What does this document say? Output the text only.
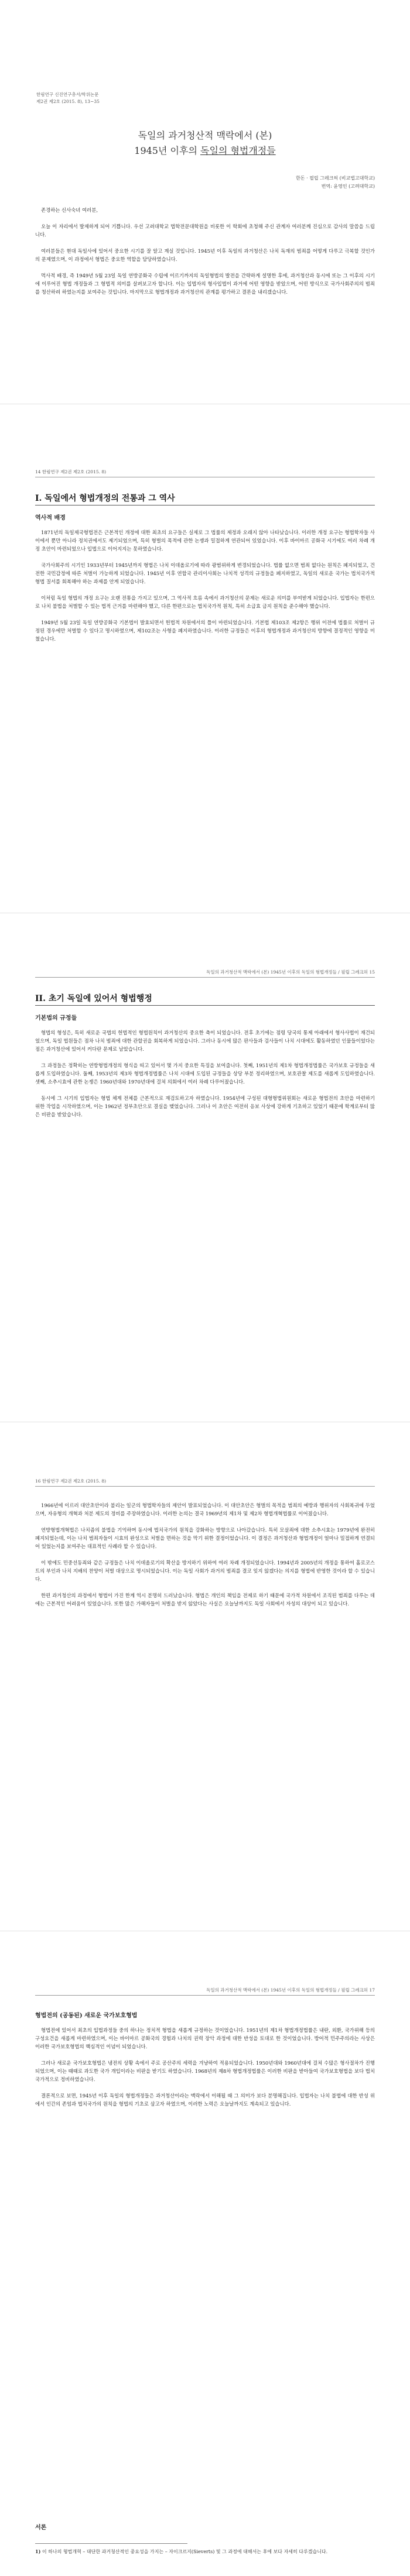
한림연구 신진연구총서/학위논문
제2권 제2호 (2015. 8), 13~35
독일의 과거청산적 맥락에서 (본)
1945년 이후의 독일의 형법개정들
한돈 · 필립 그레크허 (비교법고대학교)
번역: 윤영인 (고려대학교)

존경하는 신사숙녀 여러분,

오늘 이 자리에서 발제하게 되어 기쁩니다. 우선 고려대학교 법학전문대학원을 비롯한 이 학회에 초청해 주신 관계자 여러분께 진심으로 감사의 말씀을 드립니다.

여러분들은 현대 독일사에 있어서 중요한 시기를 잘 알고 계실 것입니다. 1945년 이후 독일의 과거청산은 나치 독재의 범죄를 어떻게 다루고 극복할 것인가의 문제였으며, 이 과정에서 형법은 중요한 역할을 담당하였습니다.

먹사적 배경, 즉 1949년 5월 23일 독일 연방공화국 수립에 이르기까지의 독일형법의 발전을 간략하게 설명한 후에, 과거청산과 동시에 또는 그 이후의 시기에 이루어진 형법 개정들과 그 형법적 의미를 살펴보고자 합니다. 이는 입법자의 형사입법이 과거에 어떤 영향을 받았으며, 어떤 방식으로 국가사회주의의 범죄를 청산하려 하였는지를 보여주는 것입니다. 마지막으로 형법개정과 과거청산의 관계를 평가하고 결론을 내리겠습니다.

14 한림연구 제2권 제2호 (2015. 8)
I. 독일에서 형법개정의 전통과 그 역사
역사적 배경

1871년의 독일제국형법전은 근본적인 개정에 대한 최초의 요구들은 실제로 그 법률의 제정과 오래지 않아 나타났습니다. 이러한 개정 요구는 형법학자들 사이에서 뿐만 아니라 정치권에서도 제기되었으며, 특히 형벌의 목적에 관한 논쟁과 밀접하게 연관되어 있었습니다. 이후 바이마르 공화국 시기에도 여러 차례 개정 초안이 마련되었으나 입법으로 이어지지는 못하였습니다.

국가사회주의 시기인 1933년부터 1945년까지 형법은 나치 이데올로기에 따라 광범위하게 변경되었습니다. 법률 없으면 범죄 없다는 원칙은 폐지되었고, 건전한 국민감정에 따른 처벌이 가능하게 되었습니다. 1945년 이후 연합국 관리이사회는 나치적 성격의 규정들을 폐지하였고, 독일의 새로운 국가는 법치국가적 형법 질서를 회복해야 하는 과제를 안게 되었습니다.

이처럼 독일 형법의 개정 요구는 오랜 전통을 가지고 있으며, 그 역사적 흐름 속에서 과거청산의 문제는 새로운 의미를 부여받게 되었습니다. 입법자는 한편으로 나치 불법을 처벌할 수 있는 법적 근거를 마련해야 했고, 다른 한편으로는 법치국가적 원칙, 특히 소급효 금지 원칙을 준수해야 했습니다.

1949년 5월 23일 독일 연방공화국 기본법이 발효되면서 헌법적 차원에서의 틀이 마련되었습니다. 기본법 제103조 제2항은 행위 이전에 법률로 처벌이 규정된 경우에만 처벌할 수 있다고 명시하였으며, 제102조는 사형을 폐지하였습니다. 이러한 규정들은 이후의 형법개정과 과거청산의 방향에 결정적인 영향을 미쳤습니다.

독일의 과거청산적 맥락에서 (본) 1945년 이후의 독일의 형법개정들 / 필립 그레크허 15
II. 초기 독일에 있어서 형법행정
기본법의 규정들

형법의 형성은, 특히 새로운 국법의 헌법적인 형법원칙이 과거청산의 중요한 축이 되었습니다. 전후 초기에는 점령 당국의 통제 아래에서 형사사법이 재건되었으며, 독일 법원들은 점차 나치 범죄에 대한 관할권을 회복하게 되었습니다. 그러나 동시에 많은 판사들과 검사들이 나치 시대에도 활동하였던 인물들이었다는 점은 과거청산에 있어서 커다란 문제로 남았습니다.

그 과정들은 정확히는 연방형법개정의 형식을 띠고 있어서 몇 가지 중요한 특징을 보여줍니다. 첫째, 1951년의 제1차 형법개정법률은 국가보호 규정들을 새롭게 도입하였습니다. 둘째, 1953년의 제3차 형법개정법률은 나치 시대에 도입된 규정들을 상당 부분 정리하였으며, 보호관찰 제도를 새롭게 도입하였습니다. 셋째, 소추시효에 관한 논쟁은 1960년대와 1970년대에 걸쳐 의회에서 여러 차례 다루어졌습니다.

동시에 그 시기의 입법자는 형법 체계 전체를 근본적으로 재검토하고자 하였습니다. 1954년에 구성된 대형형법위원회는 새로운 형법전의 초안을 마련하기 위한 작업을 시작하였으며, 이는 1962년 정부초안으로 결실을 맺었습니다. 그러나 이 초안은 여전히 응보 사상에 강하게 기초하고 있었기 때문에 학계로부터 많은 비판을 받았습니다.

16 한림연구 제2권 제2호 (2015. 8)

1966년에 이르러 대안초안이라 불리는 일군의 형법학자들의 제안이 발표되었습니다. 이 대안초안은 형벌의 목적을 범죄의 예방과 행위자의 사회복귀에 두었으며, 자유형의 개혁과 처분 제도의 정비를 주장하였습니다. 이러한 논의는 결국 1969년의 제1차 및 제2차 형법개혁법률로 이어졌습니다.

연방형법개혁법은 나치즘의 불법을 기억하며 동시에 법치국가의 원칙을 강화하는 방향으로 나아갔습니다. 특히 모살죄에 대한 소추시효는 1979년에 완전히 폐지되었는데, 이는 나치 범죄자들이 시효의 완성으로 처벌을 면하는 것을 막기 위한 결정이었습니다. 이 결정은 과거청산과 형법개정이 얼마나 밀접하게 연결되어 있었는지를 보여주는 대표적인 사례라 할 수 있습니다.

이 밖에도 민중선동죄와 같은 규정들은 나치 이데올로기의 확산을 방지하기 위하여 여러 차례 개정되었습니다. 1994년과 2005년의 개정을 통하여 홀로코스트의 부인과 나치 지배의 찬양이 처벌 대상으로 명시되었습니다. 이는 독일 사회가 과거의 범죄를 결코 잊지 않겠다는 의지를 형법에 반영한 것이라 할 수 있습니다.

한편 과거청산의 과정에서 형법이 가진 한계 역시 분명히 드러났습니다. 형법은 개인의 책임을 전제로 하기 때문에 국가적 차원에서 조직된 범죄를 다루는 데에는 근본적인 어려움이 있었습니다. 또한 많은 가해자들이 처벌을 받지 않았다는 사실은 오늘날까지도 독일 사회에서 자성의 대상이 되고 있습니다.

독일의 과거청산적 맥락에서 (본) 1945년 이후의 독일의 형법개정들 / 필립 그레크허 17
형법전의 (공동된) 새로운 국가보호형법

형법전에 있어서 최초의 입법과정들 중의 하나는 정치적 형법을 새롭게 규정하는 것이었습니다. 1951년의 제1차 형법개정법률은 내란, 외환, 국가위해 등의 구성요건을 새롭게 마련하였으며, 이는 바이마르 공화국의 경험과 나치의 권력 장악 과정에 대한 반성을 토대로 한 것이었습니다. 방어적 민주주의라는 사상은 이러한 국가보호형법의 핵심적인 이념이 되었습니다.

그러나 새로운 국가보호형법은 냉전의 상황 속에서 주로 공산주의 세력을 겨냥하여 적용되었습니다. 1950년대와 1960년대에 걸쳐 수많은 형사절차가 진행되었으며, 이는 때때로 과도한 국가 개입이라는 비판을 받기도 하였습니다. 1968년의 제8차 형법개정법률은 이러한 비판을 받아들여 국가보호형법을 보다 법치국가적으로 정비하였습니다.

결론적으로 보면, 1945년 이후 독일의 형법개정들은 과거청산이라는 맥락에서 이해될 때 그 의미가 보다 분명해집니다. 입법자는 나치 불법에 대한 반성 위에서 인간의 존엄과 법치국가의 원칙을 형법의 기초로 삼고자 하였으며, 이러한 노력은 오늘날까지도 계속되고 있습니다.

서론
1) 이 하나의 형법개혁 – 대단한 과거청산적인 중요성을 가지는 – 자이크르지(Sieverts) 및 그 과정에 대해서는 후에 보다 자세히 다루겠습니다.
